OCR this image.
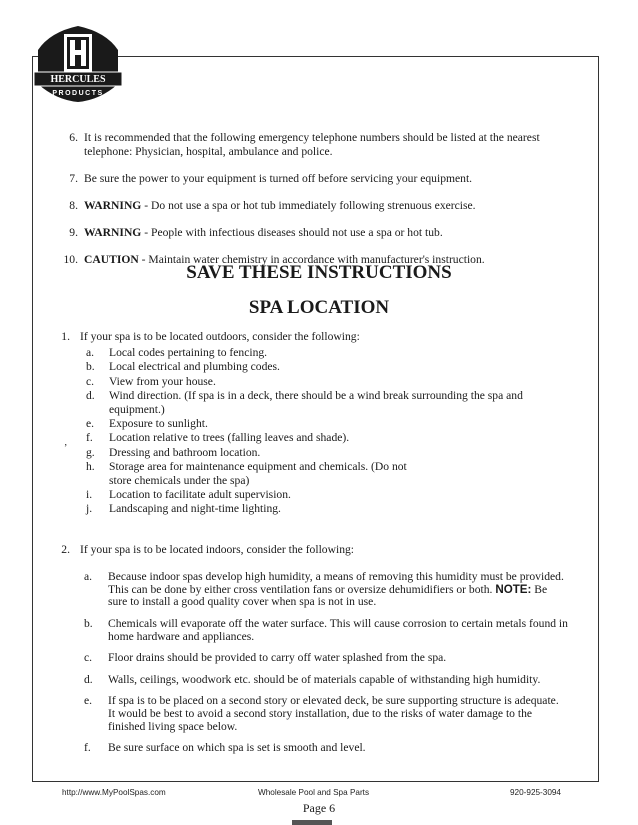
HERCULES
PRODUCTS
6. It is recommended that the following emergency telephone numbers should be listed at the nearest telephone: Physician, hospital, ambulance and police.
7. Be sure the power to your equipment is turned off before servicing your equipment.
8. WARNING - Do not use a spa or hot tub immediately following strenuous exercise.
9. WARNING - People with infectious diseases should not use a spa or hot tub.
10. CAUTION - Maintain water chemistry in accordance with manufacturer's instruction.
SAVE THESE INSTRUCTIONS
SPA LOCATION
1. If your spa is to be located outdoors, consider the following:
a.	Local codes pertaining to fencing.
b.	Local electrical and plumbing codes.
c.	View from your house.
d.	Wind direction. (If spa is in a deck, there should be a wind break surrounding the spa and equipment.)
e.	Exposure to sunlight.
f.	Location relative to trees (falling leaves and shade).
g.	Dressing and bathroom location.
h.	Storage area for maintenance equipment and chemicals. (Do not store chemicals under the spa)
i.	Location to facilitate adult supervision.
j.	Landscaping and night-time lighting.
’
2. If your spa is to be located indoors, consider the following:
a.	Because indoor spas develop high humidity, a means of removing this humidity must be provided. This can be done by either cross ventilation fans or oversize dehumidifiers or both. NOTE: Be sure to install a good quality cover when spa is not in use.
b.	Chemicals will evaporate off the water surface. This will cause corrosion to certain metals found in home hardware and appliances.
c.	Floor drains should be provided to carry off water splashed from the spa.
d.	Walls, ceilings, woodwork etc. should be of materials capable of withstanding high humidity.
e.	If spa is to be placed on a second story or elevated deck, be sure supporting structure is adequate. It would be best to avoid a second story installation, due to the risks of water damage to the finished living space below.
f.	Be sure surface on which spa is set is smooth and level.
http://www.MyPoolSpas.com	Wholesale Pool and Spa Parts	920-925-3094
Page 6
